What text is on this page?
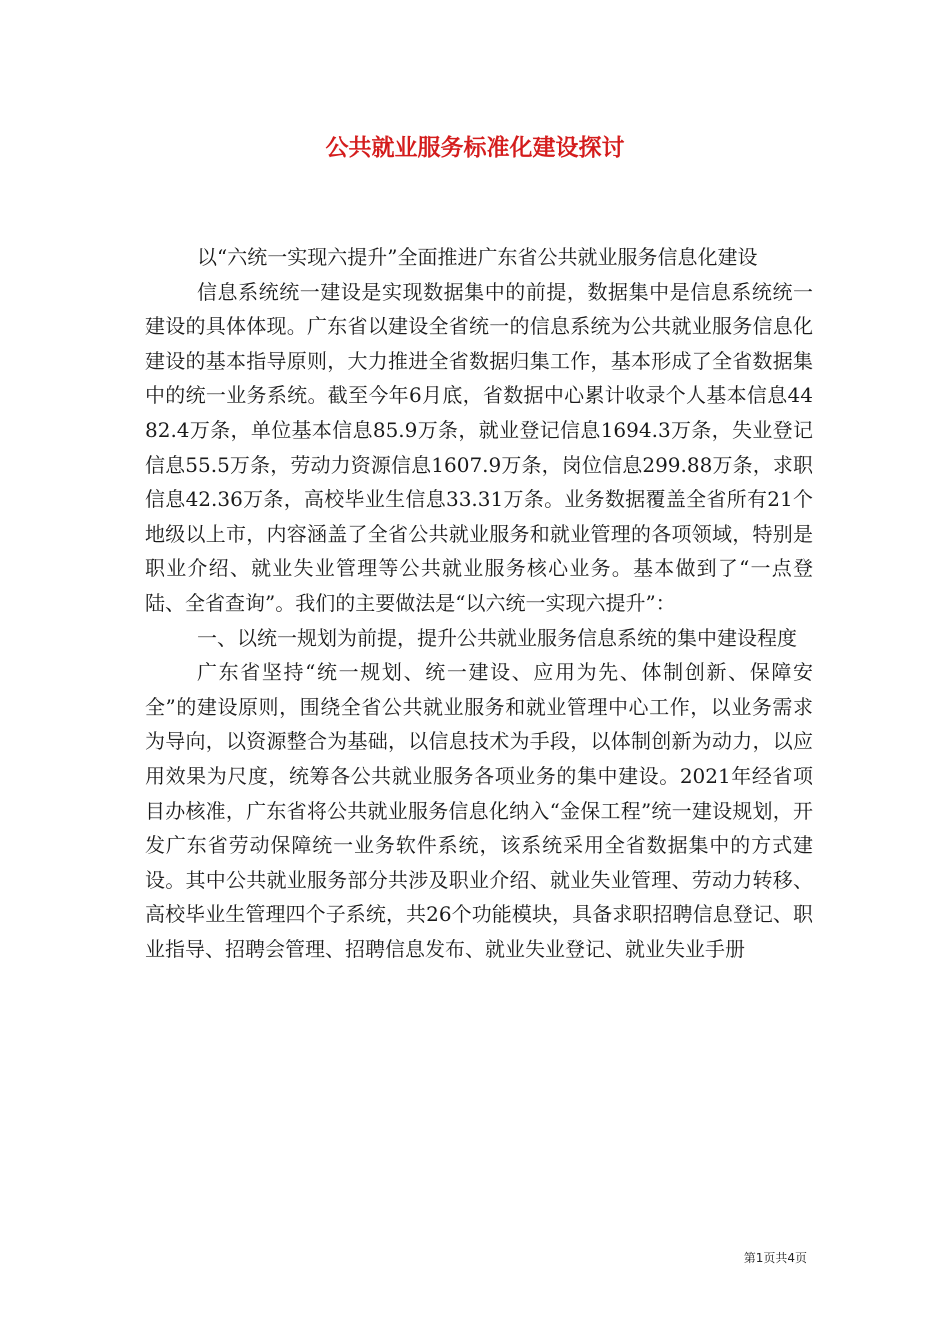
公共就业服务标准化建设探讨

以“六统一实现六提升”全面推进广东省公共就业服务信息化建设

信息系统统一建设是实现数据集中的前提，数据集中是信息系统统一建设的具体体现。广东省以建设全省统一的信息系统为公共就业服务信息化建设的基本指导原则，大力推进全省数据归集工作，基本形成了全省数据集中的统一业务系统。截至今年6月底，省数据中心累计收录个人基本信息4482.4万条，单位基本信息85.9万条，就业登记信息1694.3万条，失业登记信息55.5万条，劳动力资源信息1607.9万条，岗位信息299.88万条，求职信息42.36万条，高校毕业生信息33.31万条。业务数据覆盖全省所有21个地级以上市，内容涵盖了全省公共就业服务和就业管理的各项领域，特别是职业介绍、就业失业管理等公共就业服务核心业务。基本做到了“一点登陆、全省查询”。我们的主要做法是“以六统一实现六提升”：

一、以统一规划为前提，提升公共就业服务信息系统的集中建设程度

广东省坚持“统一规划、统一建设、应用为先、体制创新、保障安全”的建设原则，围绕全省公共就业服务和就业管理中心工作，以业务需求为导向，以资源整合为基础，以信息技术为手段，以体制创新为动力，以应用效果为尺度，统筹各公共就业服务各项业务的集中建设。2021年经省项目办核准，广东省将公共就业服务信息化纳入“金保工程”统一建设规划，开发广东省劳动保障统一业务软件系统，该系统采用全省数据集中的方式建设。其中公共就业服务部分共涉及职业介绍、就业失业管理、劳动力转移、高校毕业生管理四个子系统，共26个功能模块，具备求职招聘信息登记、职业指导、招聘会管理、招聘信息发布、就业失业登记、就业失业手册

第1页共4页
